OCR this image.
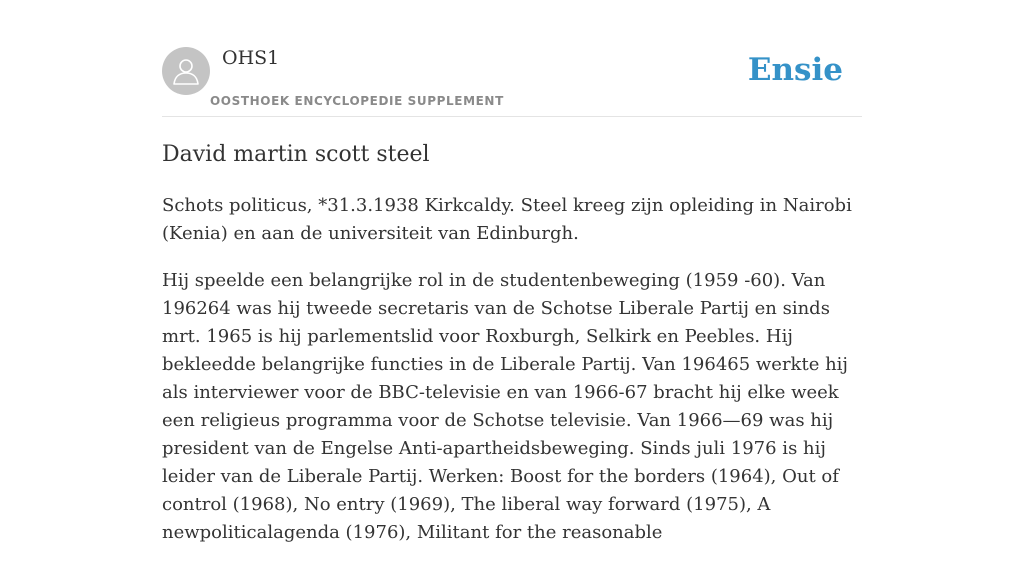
OHS1
OOSTHOEK ENCYCLOPEDIE SUPPLEMENT
Ensie
David martin scott steel

Schots politicus, *31.3.1938 Kirkcaldy. Steel kreeg zijn opleiding in Nairobi (Kenia) en aan de universiteit van Edinburgh.

Hij speelde een belangrijke rol in de studentenbeweging (1959 -60). Van 196264 was hij tweede secretaris van de Schotse Liberale Partij en sinds mrt. 1965 is hij parlementslid voor Roxburgh, Selkirk en Peebles. Hij bekleedde belangrijke functies in de Liberale Partij. Van 196465 werkte hij als interviewer voor de BBC-televisie en van 1966-67 bracht hij elke week een religieus programma voor de Schotse televisie. Van 1966—69 was hij president van de Engelse Anti-apartheidsbeweging. Sinds juli 1976 is hij leider van de Liberale Partij. Werken: Boost for the borders (1964), Out of control (1968), No entry (1969), The liberal way forward (1975), A newpoliticalagenda (1976), Militant for the reasonable
